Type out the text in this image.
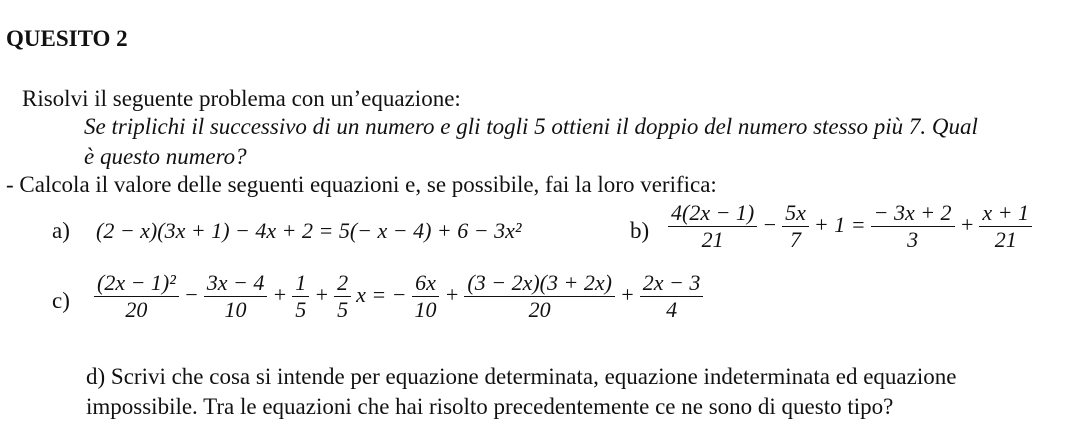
QUESITO 2
Risolvi il seguente problema con un’equazione:
Se triplichi il successivo di un numero e gli togli 5 ottieni il doppio del numero stesso più 7. Qual
è questo numero?
- Calcola il valore delle seguenti equazioni e, se possibile, fai la loro verifica:
a) (2 − x)(3x + 1) − 4x + 2 = 5(− x − 4) + 6 − 3x²	$b) \frac{4(2x - 1)}{21} - \frac{5x}{7} + 1 = \frac{- 3x + 2}{3} + \frac{x + 1}{21}$
$c) \frac{\text{(2x − 1)²}}{20} - \frac{3x - 4}{10} + \frac{1}{5} + \frac{2}{5}$ x = − $\frac{6x}{10} + \frac{(3 - 2x)(3 + 2x)}{20} + \frac{2x - 3}{4}$
d) Scrivi che cosa si intende per equazione determinata, equazione indeterminata ed equazione
impossibile. Tra le equazioni che hai risolto precedentemente ce ne sono di questo tipo?
